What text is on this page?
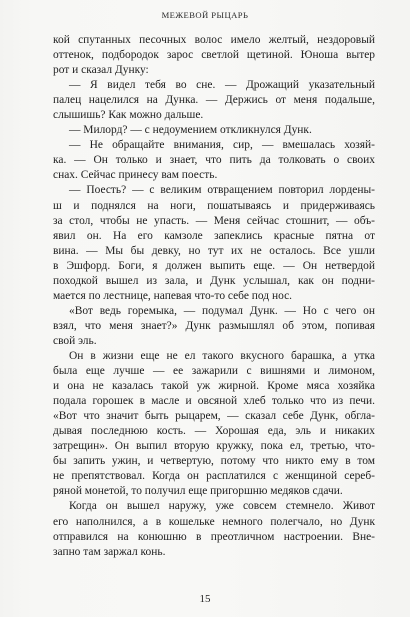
МЕЖЕВОЙ РЫЦАРЬ

кой спутанных песочных волос имело желтый, нездоровый
оттенок, подбородок зарос светлой щетиной. Юноша вытер
рот и сказал Дунку:

— Я видел тебя во сне. — Дрожащий указательный
палец нацелился на Дунка. — Держись от меня подальше,
слышишь? Как можно дальше.

— Милорд? — с недоумением откликнулся Дунк.

— Не обращайте внимания, сир, — вмешалась хозяй-
ка. — Он только и знает, что пить да толковать о своих
снах. Сейчас принесу вам поесть.

— Поесть? — с великим отвращением повторил лордены-
ш и поднялся на ноги, пошатываясь и придерживаясь
за стол, чтобы не упасть. — Меня сейчас стошнит, — объ-
явил он. На его камзоле запеклись красные пятна от
вина. — Мы бы девку, но тут их не осталось. Все ушли
в Эшфорд. Боги, я должен выпить еще. — Он нетвердой
походкой вышел из зала, и Дунк услышал, как он подни-
мается по лестнице, напевая что-то себе под нос.

«Вот ведь горемыка, — подумал Дунк. — Но с чего он
взял, что меня знает?» Дунк размышлял об этом, попивая
свой эль.

Он в жизни еще не ел такого вкусного барашка, а утка
была еще лучше — ее зажарили с вишнями и лимоном,
и она не казалась такой уж жирной. Кроме мяса хозяйка
подала горошек в масле и овсяной хлеб только что из печи.
«Вот что значит быть рыцарем, — сказал себе Дунк, обгла-
дывая последнюю кость. — Хорошая еда, эль и никаких
затрещин». Он выпил вторую кружку, пока ел, третью, что-
бы запить ужин, и четвертую, потому что никто ему в том
не препятствовал. Когда он расплатился с женщиной сереб-
ряной монетой, то получил еще пригоршню медяков сдачи.

Когда он вышел наружу, уже совсем стемнело. Живот
его наполнился, а в кошельке немного полегчало, но Дунк
отправился на конюшню в преотличном настроении. Вне-
запно там заржал конь.

15
